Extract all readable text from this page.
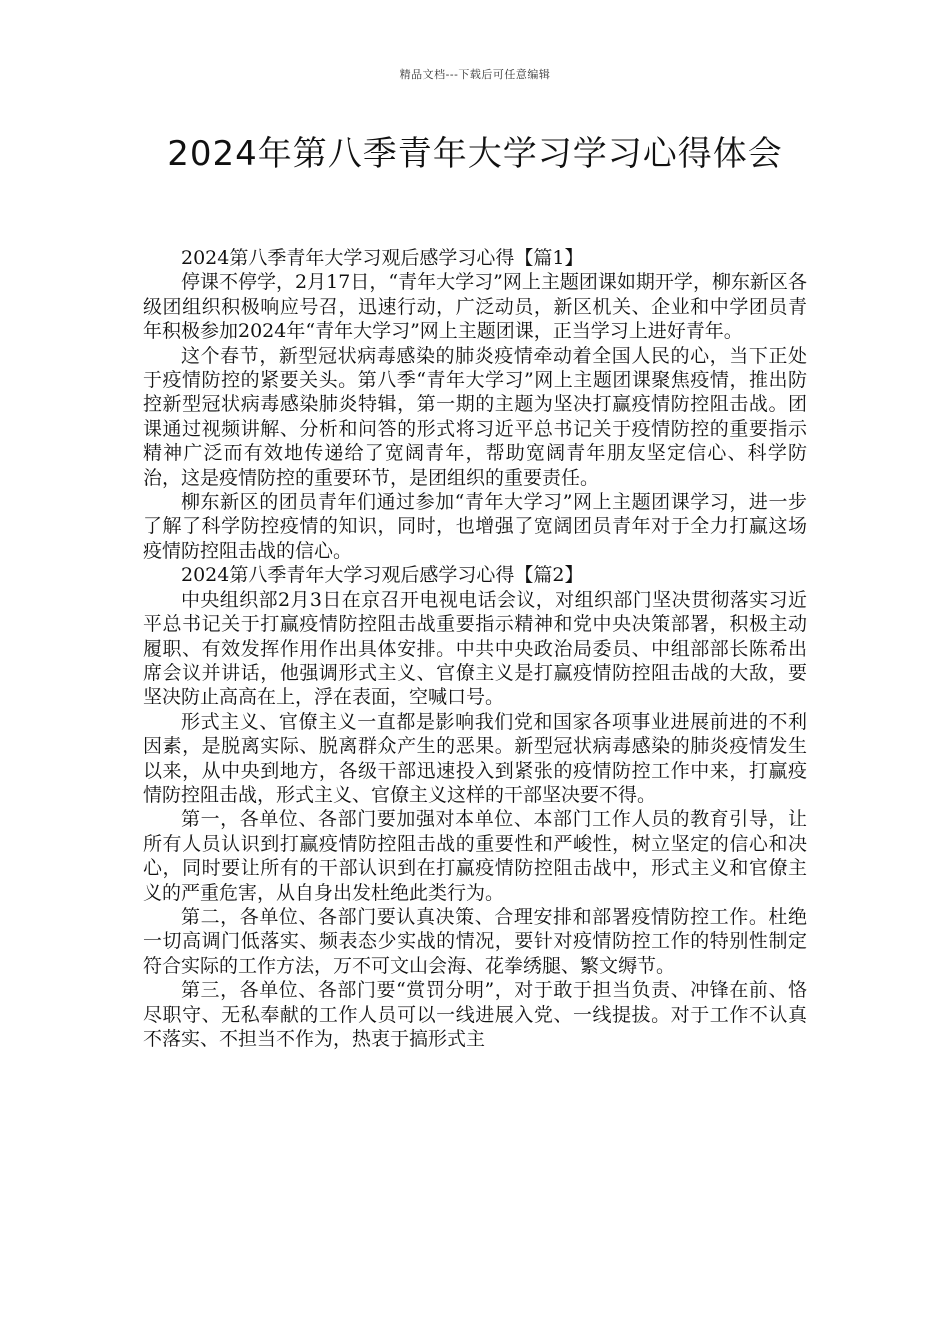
精品文档---下载后可任意编辑
2024年第八季青年大学习学习心得体会

2024第八季青年大学习观后感学习心得【篇1】

停课不停学，2月17日，“青年大学习”网上主题团课如期开学，柳东新区各级团组织积极响应号召，迅速行动，广泛动员，新区机关、企业和中学团员青年积极参加2024年“青年大学习”网上主题团课，正当学习上进好青年。

这个春节，新型冠状病毒感染的肺炎疫情牵动着全国人民的心，当下正处于疫情防控的紧要关头。第八季“青年大学习”网上主题团课聚焦疫情，推出防控新型冠状病毒感染肺炎特辑，第一期的主题为坚决打赢疫情防控阻击战。团课通过视频讲解、分析和问答的形式将习近平总书记关于疫情防控的重要指示精神广泛而有效地传递给了宽阔青年，帮助宽阔青年朋友坚定信心、科学防治，这是疫情防控的重要环节，是团组织的重要责任。

柳东新区的团员青年们通过参加“青年大学习”网上主题团课学习，进一步了解了科学防控疫情的知识，同时，也增强了宽阔团员青年对于全力打赢这场疫情防控阻击战的信心。

2024第八季青年大学习观后感学习心得【篇2】

中央组织部2月3日在京召开电视电话会议，对组织部门坚决贯彻落实习近平总书记关于打赢疫情防控阻击战重要指示精神和党中央决策部署，积极主动履职、有效发挥作用作出具体安排。中共中央政治局委员、中组部部长陈希出席会议并讲话，他强调形式主义、官僚主义是打赢疫情防控阻击战的大敌，要坚决防止高高在上，浮在表面，空喊口号。

形式主义、官僚主义一直都是影响我们党和国家各项事业进展前进的不利因素，是脱离实际、脱离群众产生的恶果。新型冠状病毒感染的肺炎疫情发生以来，从中央到地方，各级干部迅速投入到紧张的疫情防控工作中来，打赢疫情防控阻击战，形式主义、官僚主义这样的干部坚决要不得。

第一，各单位、各部门要加强对本单位、本部门工作人员的教育引导，让所有人员认识到打赢疫情防控阻击战的重要性和严峻性，树立坚定的信心和决心，同时要让所有的干部认识到在打赢疫情防控阻击战中，形式主义和官僚主义的严重危害，从自身出发杜绝此类行为。

第二，各单位、各部门要认真决策、合理安排和部署疫情防控工作。杜绝一切高调门低落实、频表态少实战的情况，要针对疫情防控工作的特别性制定符合实际的工作方法，万不可文山会海、花拳绣腿、繁文缛节。

第三，各单位、各部门要“赏罚分明”，对于敢于担当负责、冲锋在前、恪尽职守、无私奉献的工作人员可以一线进展入党、一线提拔。对于工作不认真不落实、不担当不作为，热衷于搞形式主
